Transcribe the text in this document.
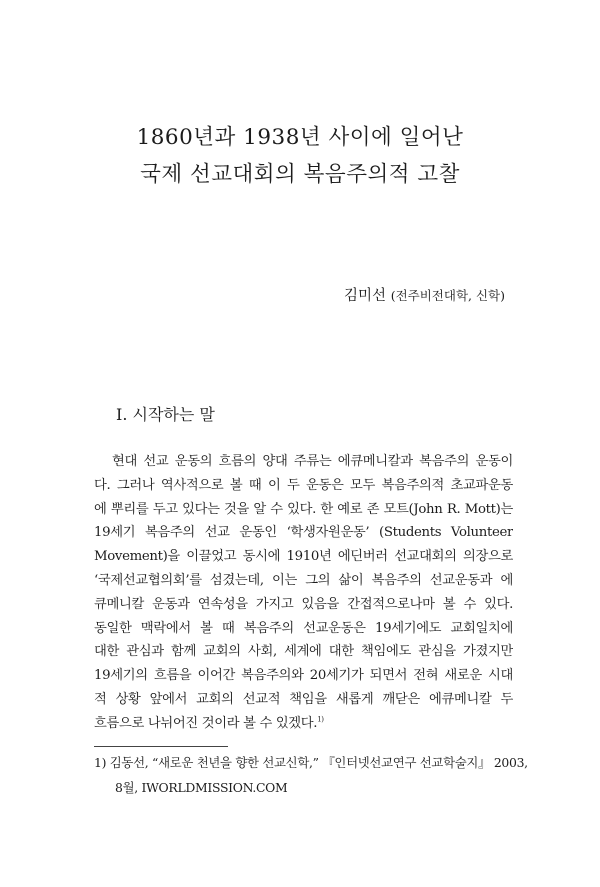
1860년과 1938년 사이에 일어난
국제 선교대회의 복음주의적 고찰
김미선 (전주비전대학, 신학)
I. 시작하는 말
현대 선교 운동의 흐름의 양대 주류는 에큐메니칼과 복음주의 운동이
다. 그러나 역사적으로 볼 때 이 두 운동은 모두 복음주의적 초교파운동
에 뿌리를 두고 있다는 것을 알 수 있다. 한 예로 존 모트(John R. Mott)는
19세기 복음주의 선교 운동인 ‘학생자원운동’ (Students Volunteer
Movement)을 이끌었고 동시에 1910년 에딘버러 선교대회의 의장으로
‘국제선교협의회’를 섬겼는데, 이는 그의 삶이 복음주의 선교운동과 에
큐메니칼 운동과 연속성을 가지고 있음을 간접적으로나마 볼 수 있다.
동일한 맥락에서 볼 때 복음주의 선교운동은 19세기에도 교회일치에
대한 관심과 함께 교회의 사회, 세계에 대한 책임에도 관심을 가졌지만
19세기의 흐름을 이어간 복음주의와 20세기가 되면서 전혀 새로운 시대
적 상황 앞에서 교회의 선교적 책임을 새롭게 깨닫은 에큐메니칼 두
흐름으로 나뉘어진 것이라 볼 수 있겠다.$^{1)}$
1) 김동선, “새로운 천년을 향한 선교신학,” 『인터넷선교연구 선교학술지』 2003,
8월, IWORLDMISSION.COM
